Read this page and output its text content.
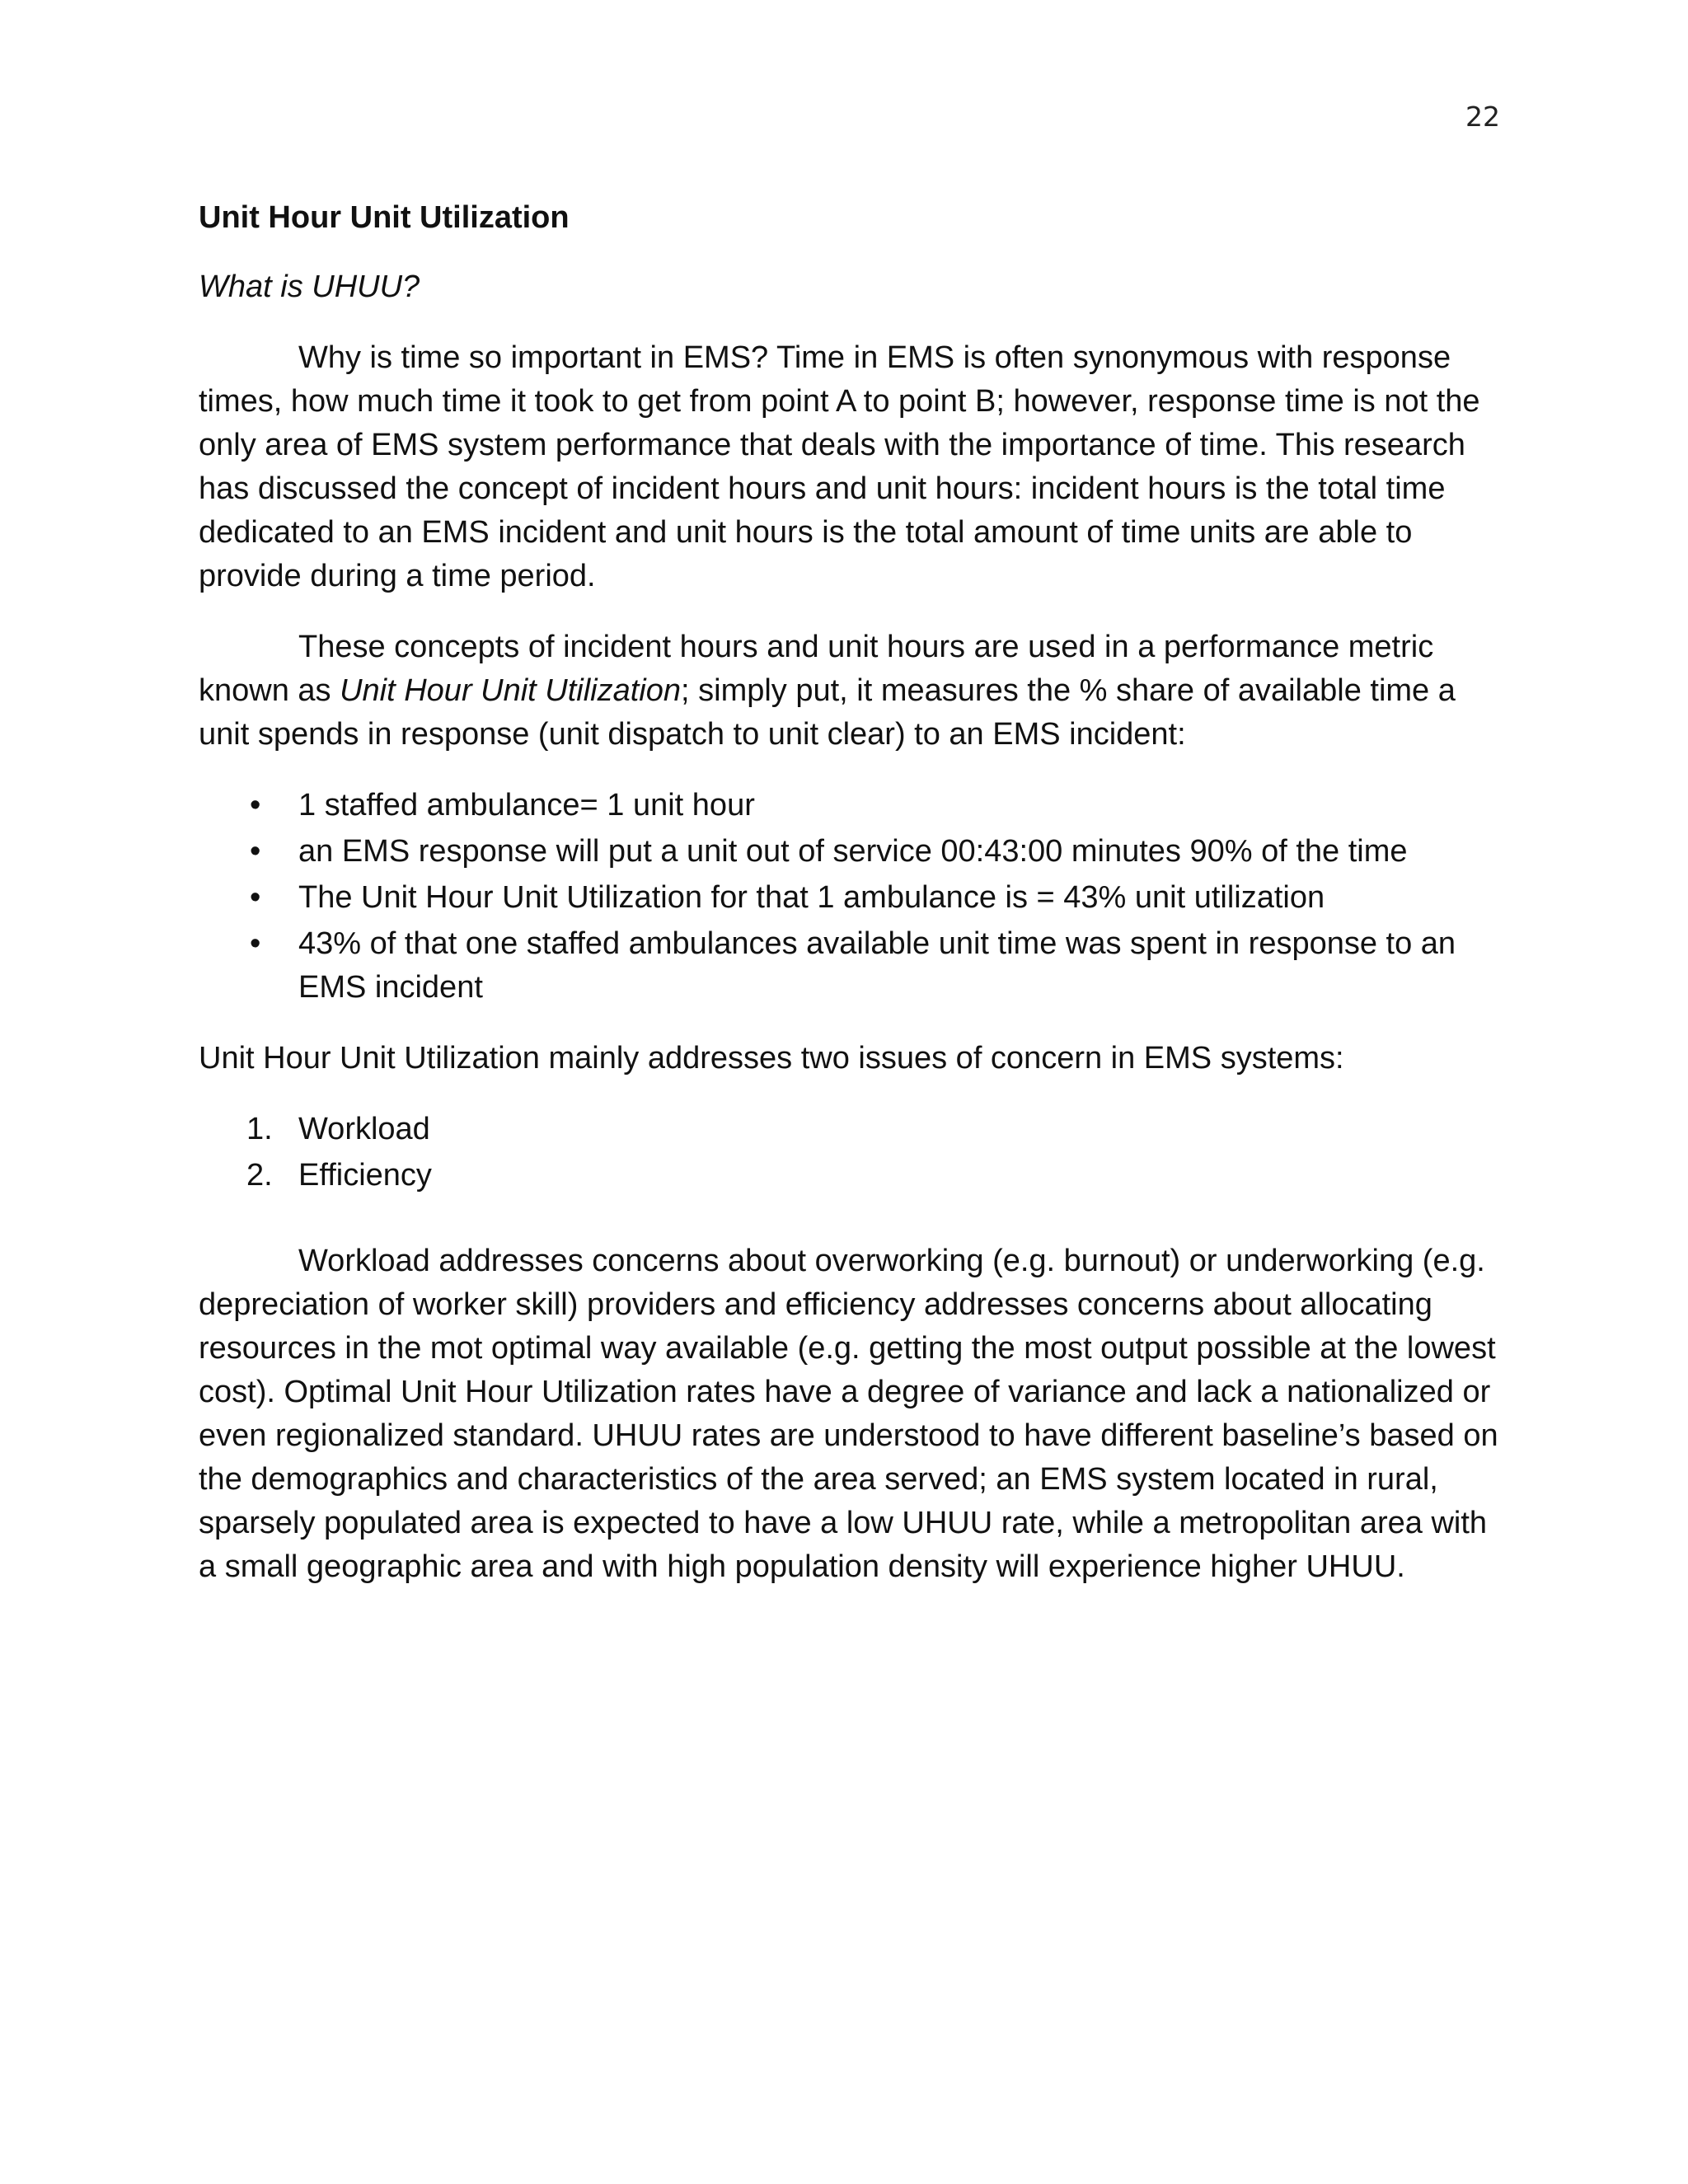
22
Unit Hour Unit Utilization
What is UHUU?

Why is time so important in EMS? Time in EMS is often synonymous with response times, how much time it took to get from point A to point B; however, response time is not the only area of EMS system performance that deals with the importance of time. This research has discussed the concept of incident hours and unit hours: incident hours is the total time dedicated to an EMS incident and unit hours is the total amount of time units are able to provide during a time period.

These concepts of incident hours and unit hours are used in a performance metric known as Unit Hour Unit Utilization; simply put, it measures the % share of available time a unit spends in response (unit dispatch to unit clear) to an EMS incident:

• 1 staffed ambulance= 1 unit hour
• an EMS response will put a unit out of service 00:43:00 minutes 90% of the time
• The Unit Hour Unit Utilization for that 1 ambulance is = 43% unit utilization
• 43% of that one staffed ambulances available unit time was spent in response to an EMS incident

Unit Hour Unit Utilization mainly addresses two issues of concern in EMS systems:

1. Workload
2. Efficiency

Workload addresses concerns about overworking (e.g. burnout) or underworking (e.g. depreciation of worker skill) providers and efficiency addresses concerns about allocating resources in the mot optimal way available (e.g. getting the most output possible at the lowest cost). Optimal Unit Hour Utilization rates have a degree of variance and lack a nationalized or even regionalized standard. UHUU rates are understood to have different baseline’s based on the demographics and characteristics of the area served; an EMS system located in rural, sparsely populated area is expected to have a low UHUU rate, while a metropolitan area with a small geographic area and with high population density will experience higher UHUU.
